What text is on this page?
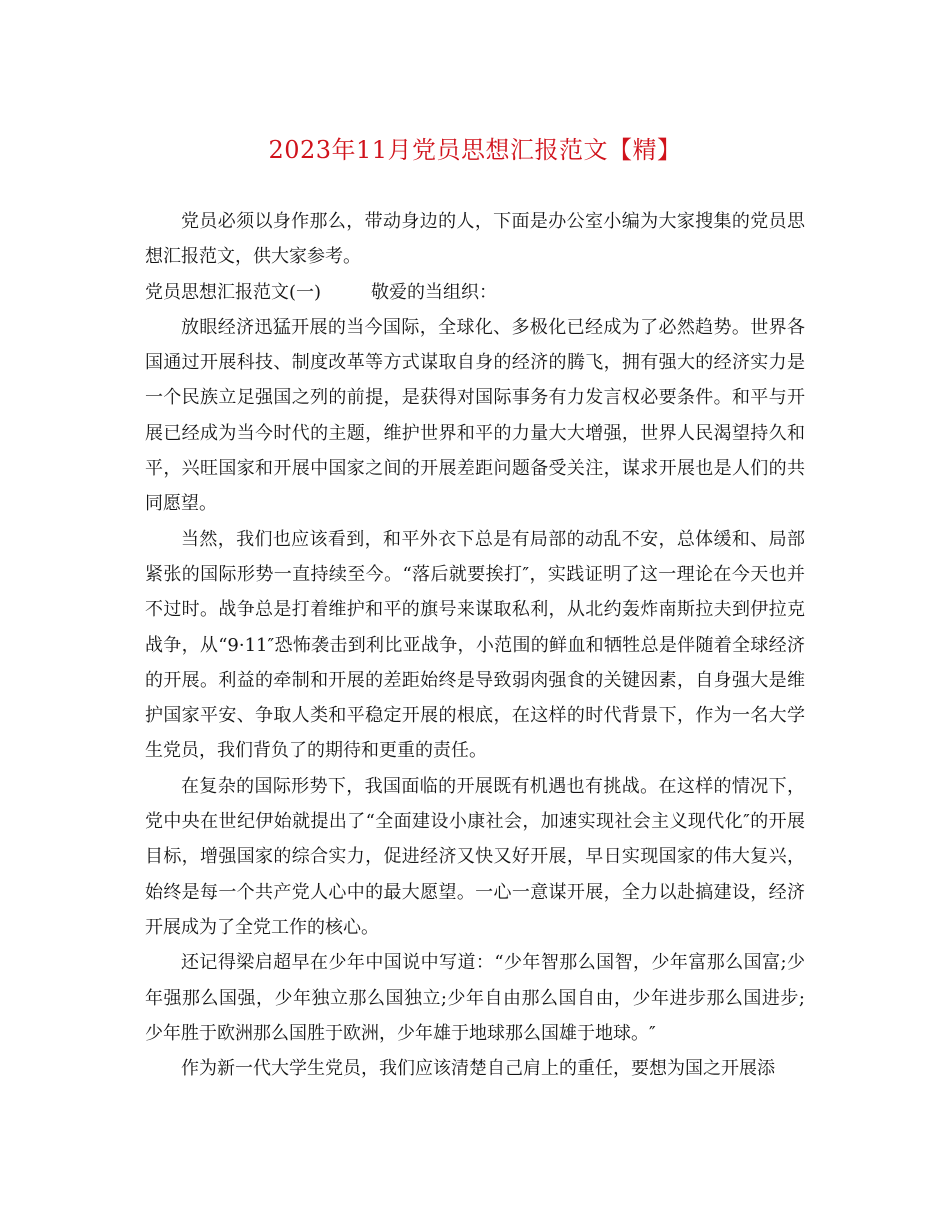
2023年11月党员思想汇报范文【精】

党员必须以身作那么，带动身边的人，下面是办公室小编为大家搜集的党员思想汇报范文，供大家参考。

党员思想汇报范文(一)	敬爱的当组织：

放眼经济迅猛开展的当今国际，全球化、多极化已经成为了必然趋势。世界各国通过开展科技、制度改革等方式谋取自身的经济的腾飞，拥有强大的经济实力是一个民族立足强国之列的前提，是获得对国际事务有力发言权必要条件。和平与开展已经成为当今时代的主题，维护世界和平的力量大大增强，世界人民渴望持久和平，兴旺国家和开展中国家之间的开展差距问题备受关注，谋求开展也是人们的共同愿望。

当然，我们也应该看到，和平外衣下总是有局部的动乱不安，总体缓和、局部紧张的国际形势一直持续至今。“落后就要挨打″，实践证明了这一理论在今天也并不过时。战争总是打着维护和平的旗号来谋取私利，从北约轰炸南斯拉夫到伊拉克战争，从“9·11″恐怖袭击到利比亚战争，小范围的鲜血和牺牲总是伴随着全球经济的开展。利益的牵制和开展的差距始终是导致弱肉强食的关键因素，自身强大是维护国家平安、争取人类和平稳定开展的根底，在这样的时代背景下，作为一名大学生党员，我们背负了的期待和更重的责任。

在复杂的国际形势下，我国面临的开展既有机遇也有挑战。在这样的情况下，党中央在世纪伊始就提出了“全面建设小康社会，加速实现社会主义现代化″的开展目标，增强国家的综合实力，促进经济又快又好开展，早日实现国家的伟大复兴，始终是每一个共产党人心中的最大愿望。一心一意谋开展，全力以赴搞建设，经济开展成为了全党工作的核心。

还记得梁启超早在少年中国说中写道：“少年智那么国智，少年富那么国富;少年强那么国强，少年独立那么国独立;少年自由那么国自由，少年进步那么国进步;少年胜于欧洲那么国胜于欧洲，少年雄于地球那么国雄于地球。″

作为新一代大学生党员，我们应该清楚自己肩上的重任，要想为国之开展添
